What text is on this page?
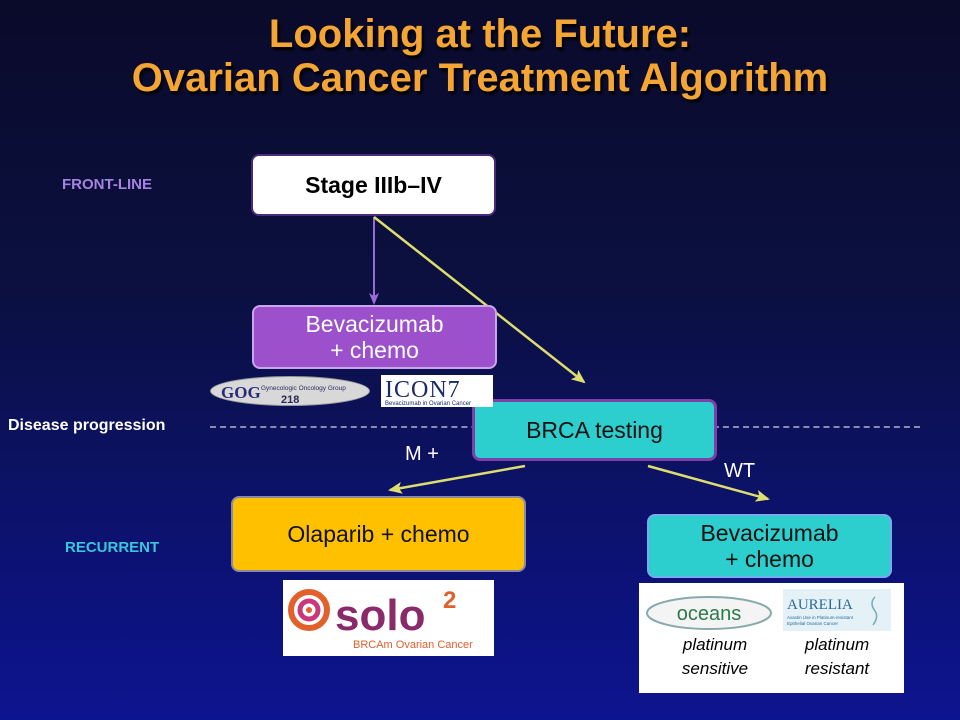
Looking at the Future:
Ovarian Cancer Treatment Algorithm
FRONT-LINE
RECURRENT
Disease progression
Stage IIIb–IV
Bevacizumab
+ chemo
BRCA testing
Olaparib + chemo	Bevacizumab
+ chemo
M +
WT
GOG Gynecologic Oncology Group
218	ICON7
Bevacizumab in Ovarian Cancer
solo 2
BRCAm Ovarian Cancer
oceans	AURELIA
Avastin Use in Platinum-resistant
Epithelial Ovarian Cancer
platinum
sensitive
platinum
resistant
